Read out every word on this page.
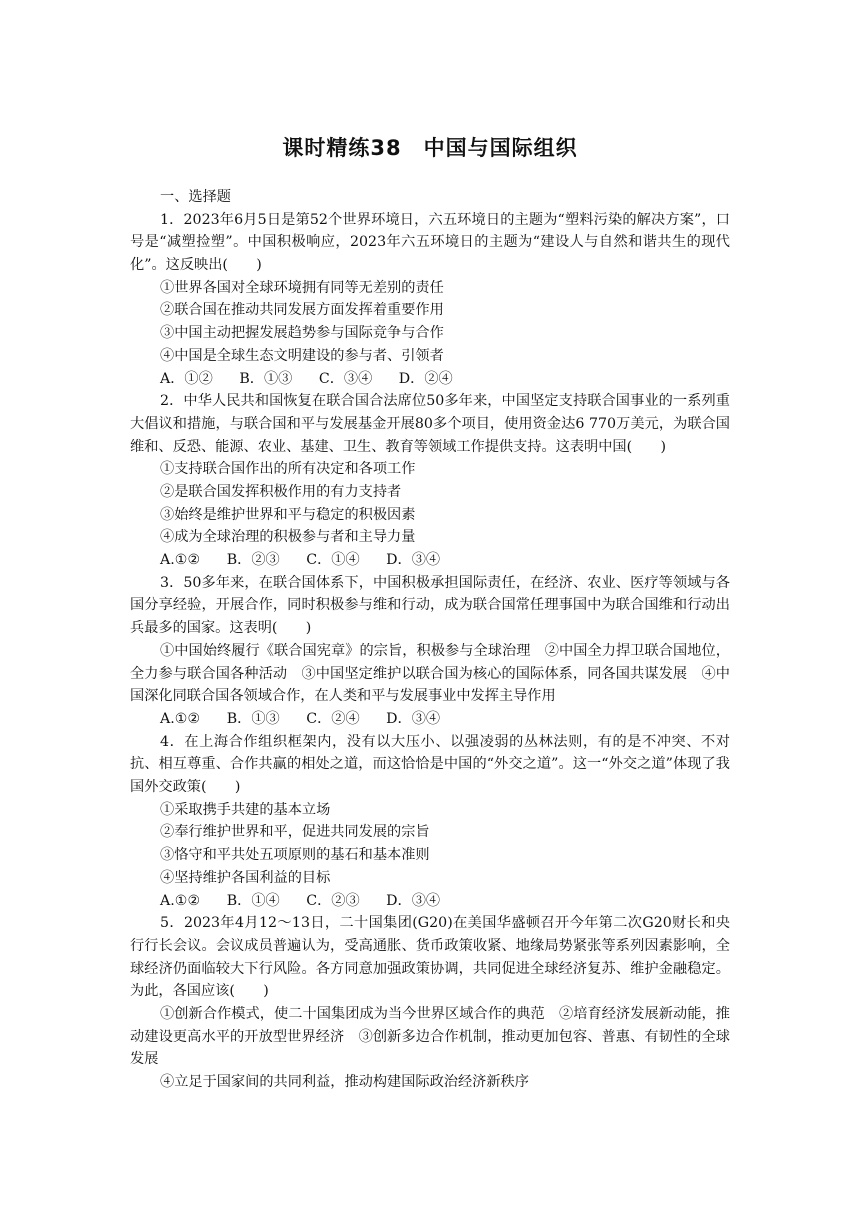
课时精练38　中国与国际组织
一、选择题
1．2023年6月5日是第52个世界环境日，六五环境日的主题为“塑料污染的解决方案”，口号是“减塑捡塑”。中国积极响应，2023年六五环境日的主题为“建设人与自然和谐共生的现代化”。这反映出(　　)
①世界各国对全球环境拥有同等无差别的责任
②联合国在推动共同发展方面发挥着重要作用
③中国主动把握发展趋势参与国际竞争与合作
④中国是全球生态文明建设的参与者、引领者
A．①② B．①③ C．③④ D．②④
2．中华人民共和国恢复在联合国合法席位50多年来，中国坚定支持联合国事业的一系列重大倡议和措施，与联合国和平与发展基金开展80多个项目，使用资金达6 770万美元，为联合国维和、反恐、能源、农业、基建、卫生、教育等领域工作提供支持。这表明中国(　　)
①支持联合国作出的所有决定和各项工作
②是联合国发挥积极作用的有力支持者
③始终是维护世界和平与稳定的积极因素
④成为全球治理的积极参与者和主导力量
A.①② B．②③ C．①④ D．③④
3．50多年来，在联合国体系下，中国积极承担国际责任，在经济、农业、医疗等领域与各国分享经验，开展合作，同时积极参与维和行动，成为联合国常任理事国中为联合国维和行动出兵最多的国家。这表明(　　)
①中国始终履行《联合国宪章》的宗旨，积极参与全球治理　②中国全力捍卫联合国地位，全力参与联合国各种活动　③中国坚定维护以联合国为核心的国际体系，同各国共谋发展　④中国深化同联合国各领域合作，在人类和平与发展事业中发挥主导作用
A.①② B．①③ C．②④ D．③④
4．在上海合作组织框架内，没有以大压小、以强凌弱的丛林法则，有的是不冲突、不对抗、相互尊重、合作共赢的相处之道，而这恰恰是中国的“外交之道”。这一“外交之道”体现了我国外交政策(　　)
①采取携手共建的基本立场
②奉行维护世界和平，促进共同发展的宗旨
③恪守和平共处五项原则的基石和基本准则
④坚持维护各国利益的目标
A.①② B．①④ C．②③ D．③④
5．2023年4月12～13日，二十国集团(G20)在美国华盛顿召开今年第二次G20财长和央行行长会议。会议成员普遍认为，受高通胀、货币政策收紧、地缘局势紧张等系列因素影响，全球经济仍面临较大下行风险。各方同意加强政策协调，共同促进全球经济复苏、维护金融稳定。为此，各国应该(　　)
①创新合作模式，使二十国集团成为当今世界区域合作的典范　②培育经济发展新动能，推动建设更高水平的开放型世界经济　③创新多边合作机制，推动更加包容、普惠、有韧性的全球发展
④立足于国家间的共同利益，推动构建国际政治经济新秩序
